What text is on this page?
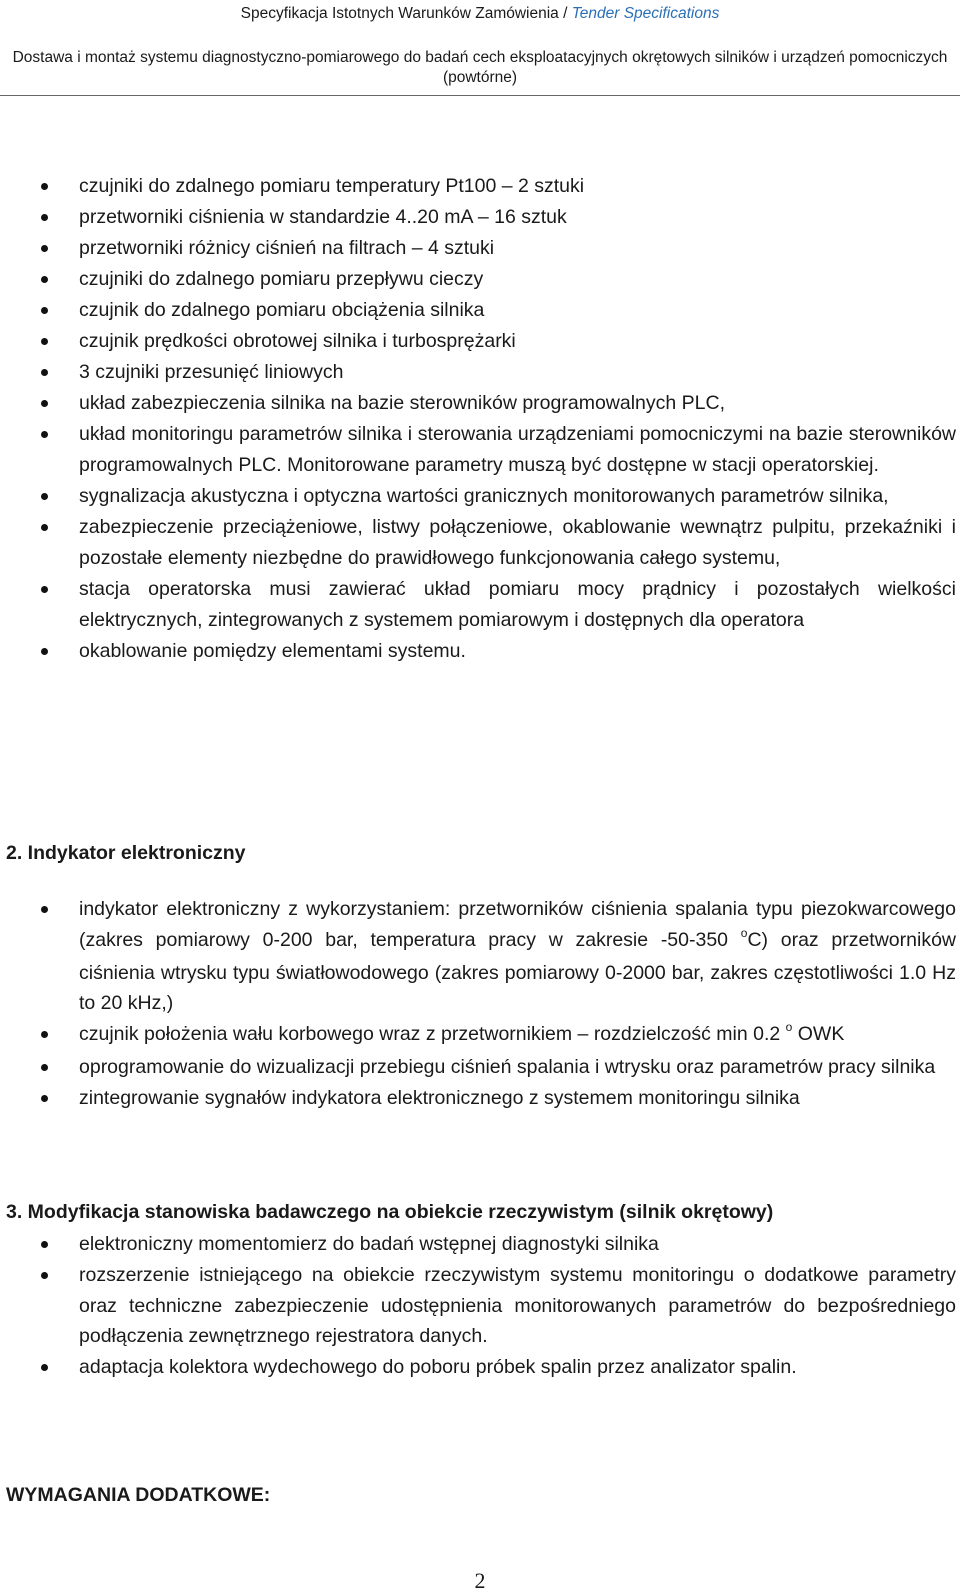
Specyfikacja Istotnych Warunków Zamówienia / Tender Specifications
Dostawa i montaż systemu diagnostyczno-pomiarowego do badań cech eksploatacyjnych okrętowych silników i urządzeń pomocniczych (powtórne)
czujniki do zdalnego pomiaru temperatury Pt100 – 2 sztuki
przetworniki ciśnienia w standardzie 4..20 mA – 16 sztuk
przetworniki różnicy ciśnień na filtrach – 4 sztuki
czujniki do zdalnego pomiaru przepływu cieczy
czujnik do zdalnego pomiaru obciążenia silnika
czujnik prędkości obrotowej silnika i turbosprężarki
3 czujniki przesunięć liniowych
układ zabezpieczenia silnika na bazie sterowników programowalnych PLC,
układ monitoringu parametrów silnika i sterowania urządzeniami pomocniczymi na bazie sterowników programowalnych PLC. Monitorowane parametry muszą być dostępne w stacji operatorskiej.
sygnalizacja akustyczna i optyczna wartości granicznych monitorowanych parametrów silnika,
zabezpieczenie przeciążeniowe, listwy połączeniowe, okablowanie wewnątrz pulpitu, przekaźniki i pozostałe elementy niezbędne do prawidłowego funkcjonowania całego systemu,
stacja operatorska musi zawierać układ pomiaru mocy prądnicy i pozostałych wielkości elektrycznych, zintegrowanych z systemem pomiarowym i dostępnych dla operatora
okablowanie pomiędzy elementami systemu.
2. Indykator elektroniczny
indykator elektroniczny z wykorzystaniem: przetworników ciśnienia spalania typu piezokwarcowego (zakres pomiarowy 0-200 bar, temperatura pracy w zakresie -50-350 $^o$C) oraz przetworników ciśnienia wtrysku typu światłowodowego (zakres pomiarowy 0-2000 bar, zakres częstotliwości 1.0 Hz to 20 kHz,)
czujnik położenia wału korbowego wraz z przetwornikiem – rozdzielczość min 0.2 $^o$ OWK
oprogramowanie do wizualizacji przebiegu ciśnień spalania i wtrysku oraz parametrów pracy silnika
zintegrowanie sygnałów indykatora elektronicznego z systemem monitoringu silnika
3. Modyfikacja stanowiska badawczego na obiekcie rzeczywistym (silnik okrętowy)
elektroniczny momentomierz do badań wstępnej diagnostyki silnika
rozszerzenie istniejącego na obiekcie rzeczywistym systemu monitoringu o dodatkowe parametry oraz techniczne zabezpieczenie udostępnienia monitorowanych parametrów do bezpośredniego podłączenia zewnętrznego rejestratora danych.
adaptacja kolektora wydechowego do poboru próbek spalin przez analizator spalin.
WYMAGANIA DODATKOWE:
2
